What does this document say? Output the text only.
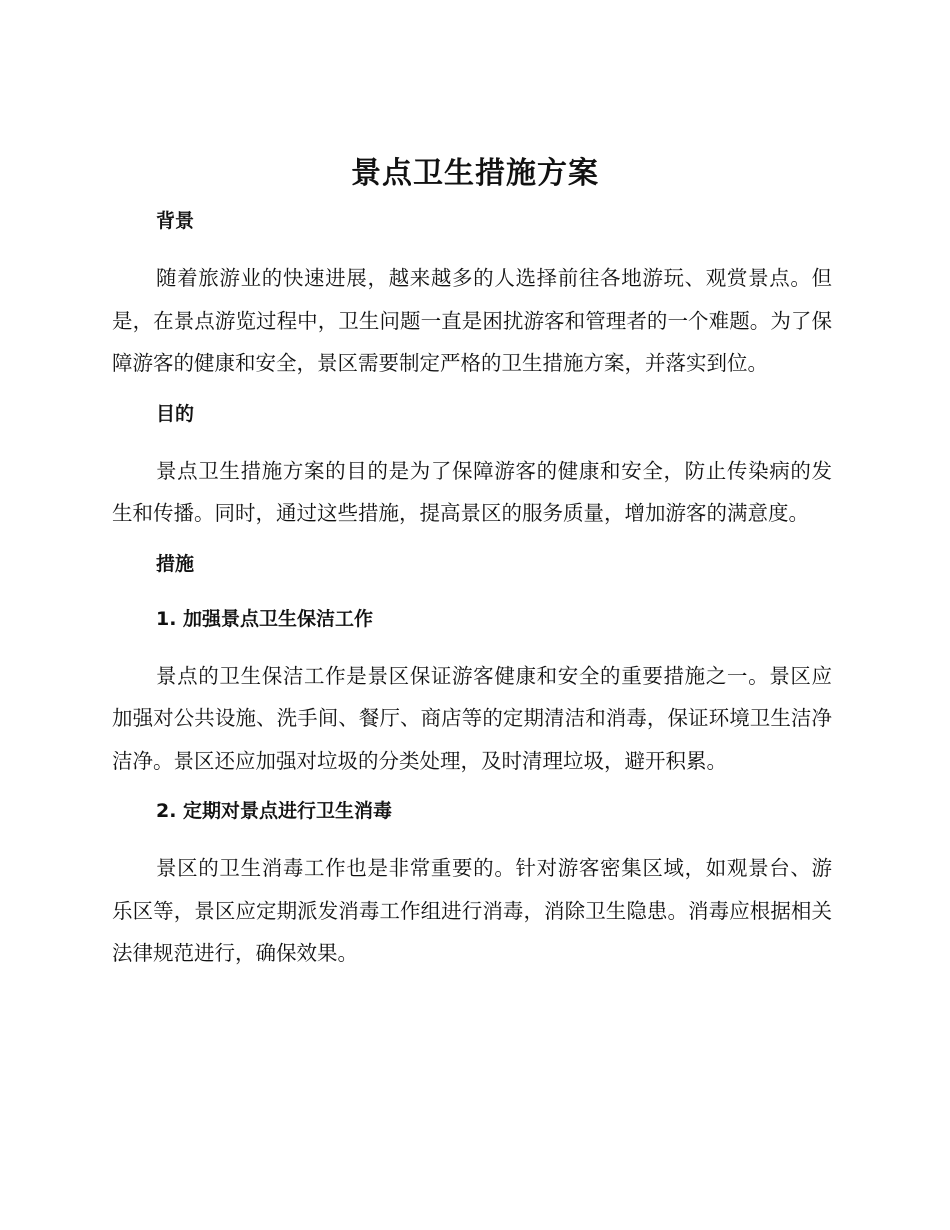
景点卫生措施方案

背景

随着旅游业的快速进展，越来越多的人选择前往各地游玩、观赏景点。但是，在景点游览过程中，卫生问题一直是困扰游客和管理者的一个难题。为了保障游客的健康和安全，景区需要制定严格的卫生措施方案，并落实到位。

目的

景点卫生措施方案的目的是为了保障游客的健康和安全，防止传染病的发生和传播。同时，通过这些措施，提高景区的服务质量，增加游客的满意度。

措施

1. 加强景点卫生保洁工作

景点的卫生保洁工作是景区保证游客健康和安全的重要措施之一。景区应加强对公共设施、洗手间、餐厅、商店等的定期清洁和消毒，保证环境卫生洁净洁净。景区还应加强对垃圾的分类处理，及时清理垃圾，避开积累。

2. 定期对景点进行卫生消毒

景区的卫生消毒工作也是非常重要的。针对游客密集区域，如观景台、游乐区等，景区应定期派发消毒工作组进行消毒，消除卫生隐患。消毒应根据相关法律规范进行，确保效果。
